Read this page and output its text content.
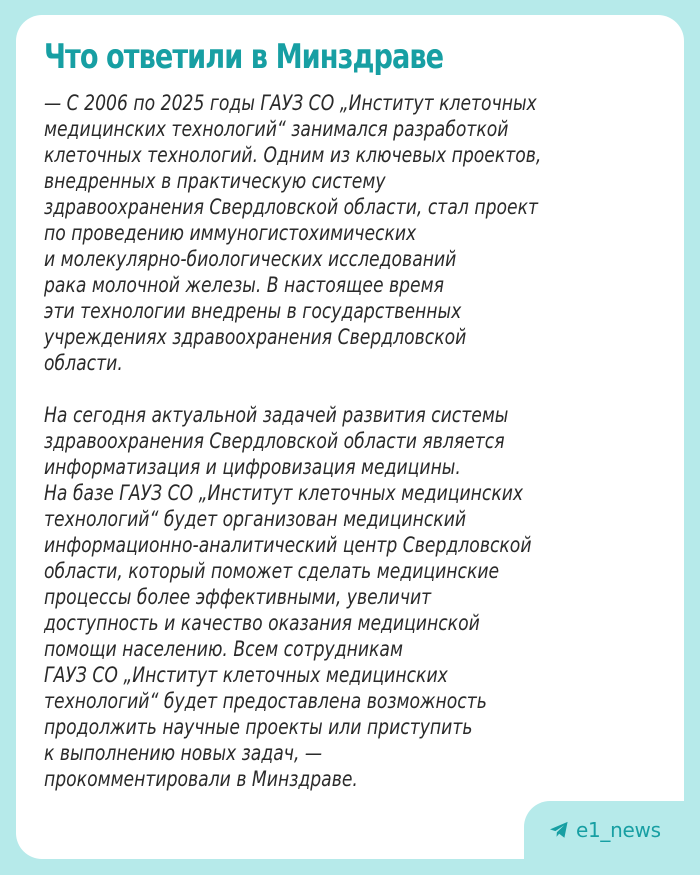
Что ответили в Минздраве
— С 2006 по 2025 годы ГАУЗ СО „Институт клеточных
медицинских технологий“ занимался разработкой
клеточных технологий. Одним из ключевых проектов,
внедренных в практическую систему
здравоохранения Свердловской области, стал проект
по проведению иммуногистохимических
и молекулярно-биологических исследований
рака молочной железы. В настоящее время
эти технологии внедрены в государственных
учреждениях здравоохранения Свердловской
области.
На сегодня актуальной задачей развития системы
здравоохранения Свердловской области является
информатизация и цифровизация медицины.
На базе ГАУЗ СО „Институт клеточных медицинских
технологий“ будет организован медицинский
информационно-аналитический центр Свердловской
области, который поможет сделать медицинские
процессы более эффективными, увеличит
доступность и качество оказания медицинской
помощи населению. Всем сотрудникам
ГАУЗ СО „Институт клеточных медицинских
технологий“ будет предоставлена возможность
продолжить научные проекты или приступить
к выполнению новых задач, —
прокомментировали в Минздраве.
e1_news
